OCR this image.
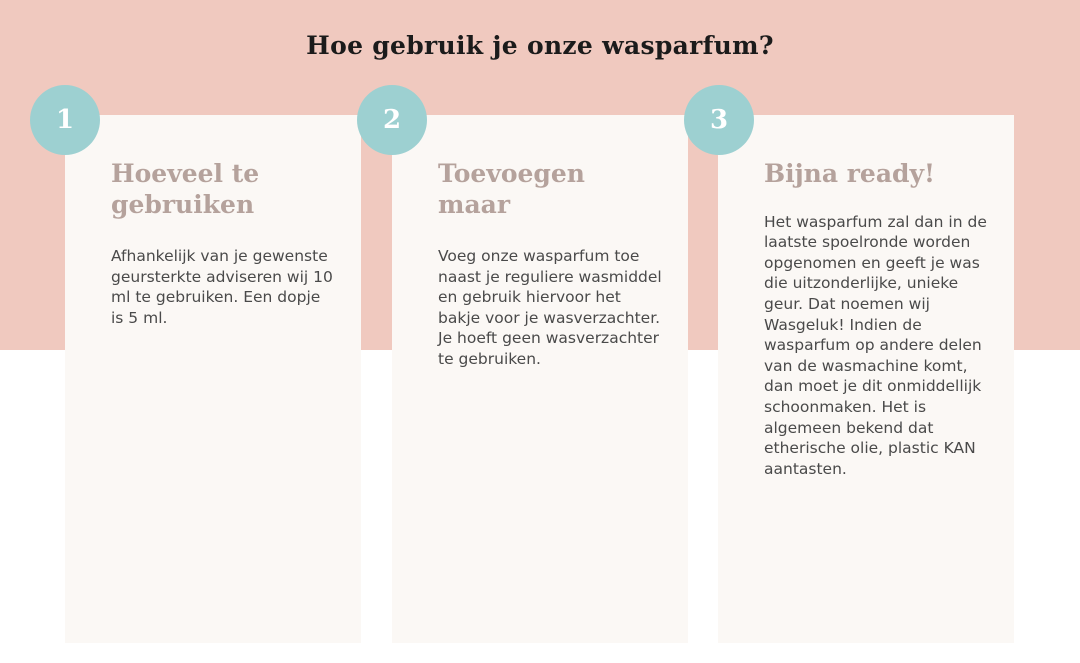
Hoe gebruik je onze wasparfum?
Hoeveel te gebruiken

Afhankelijk van je gewenste geursterkte adviseren wij 10 ml te gebruiken. Een dopje is 5 ml.

Toevoegen maar

Voeg onze wasparfum toe naast je reguliere wasmiddel en gebruik hiervoor het bakje voor je wasverzachter. Je hoeft geen wasverzachter te gebruiken.

Bijna ready!

Het wasparfum zal dan in de laatste spoelronde worden opgenomen en geeft je was die uitzonderlijke, unieke geur. Dat noemen wij Wasgeluk! Indien de wasparfum op andere delen van de wasmachine komt, dan moet je dit onmiddellijk schoonmaken. Het is algemeen bekend dat etherische olie, plastic KAN aantasten.

1	2	3
